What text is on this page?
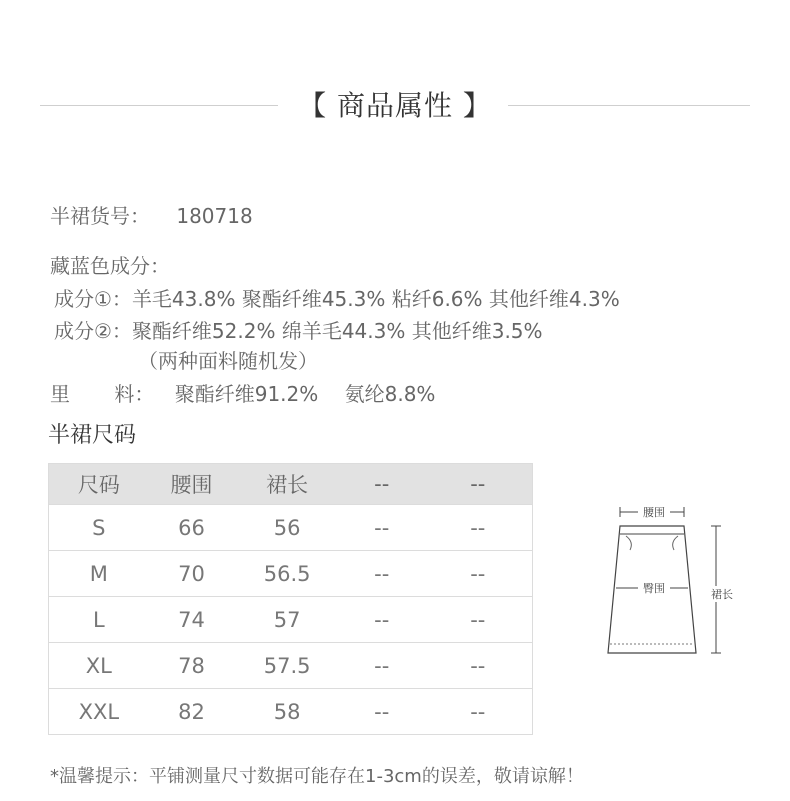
【 商品属性 】
半裙货号： 180718
藏蓝色成分：
成分①：羊毛43.8% 聚酯纤维45.3% 粘纤6.6% 其他纤维4.3%
成分②：聚酯纤维52.2% 绵羊毛44.3% 其他纤维3.5%
（两种面料随机发）
里 料： 聚酯纤维91.2% 氨纶8.8%
半裙尺码
尺码	腰围	裙长	--	--
S	66	56	--	--
M	70	56.5	--	--
L	74	57	--	--
XL	78	57.5	--	--
XXL	82	58	--	--
腰围
臀围	裙长
*温馨提示：平铺测量尺寸数据可能存在1-3cm的误差，敬请谅解！
